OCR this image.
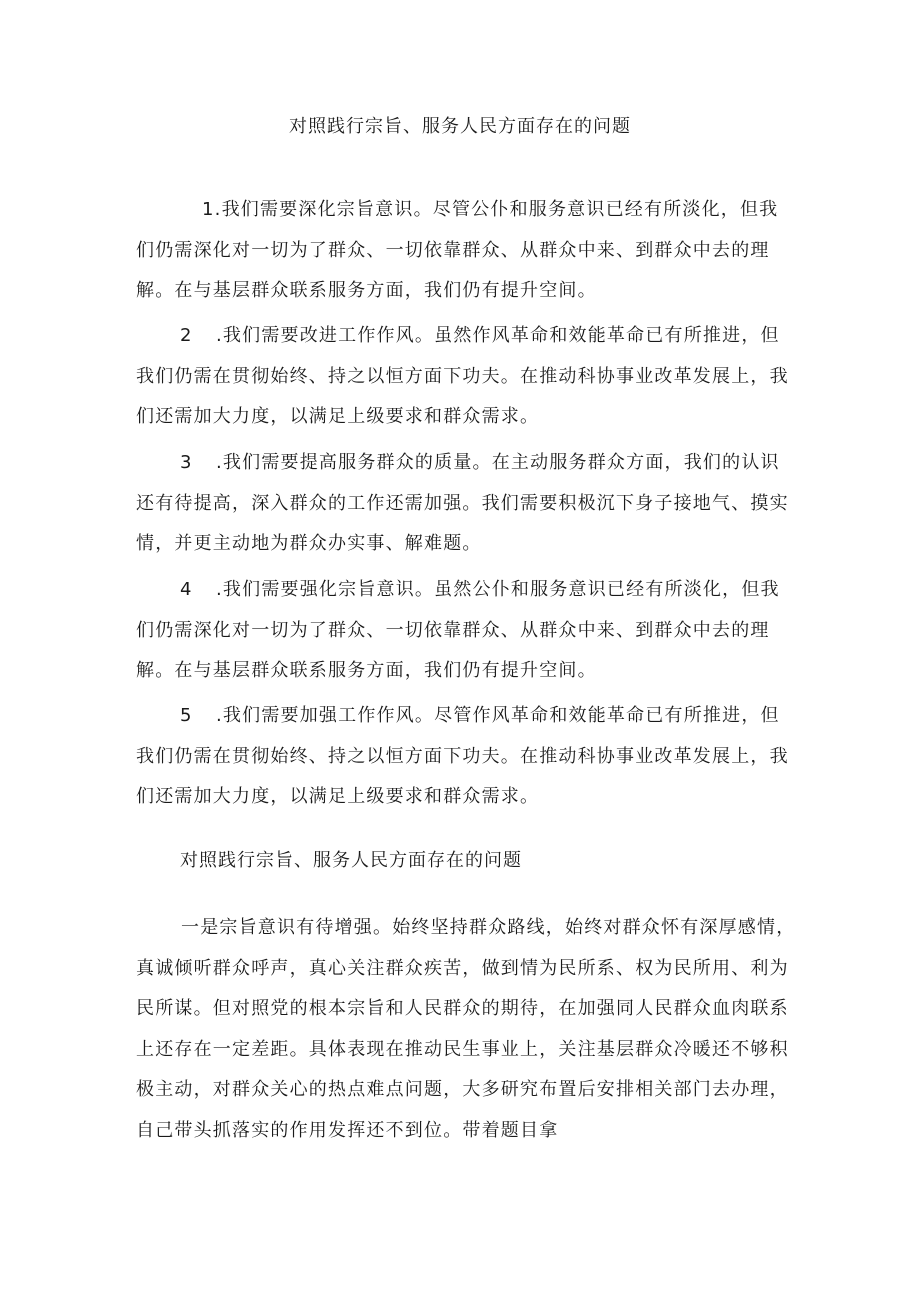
对照践行宗旨、服务人民方面存在的问题

1.我们需要深化宗旨意识。尽管公仆和服务意识已经有所淡化，但我们仍需深化对一切为了群众、一切依靠群众、从群众中来、到群众中去的理解。在与基层群众联系服务方面，我们仍有提升空间。

2 .我们需要改进工作作风。虽然作风革命和效能革命已有所推进，但我们仍需在贯彻始终、持之以恒方面下功夫。在推动科协事业改革发展上，我们还需加大力度，以满足上级要求和群众需求。

3 .我们需要提高服务群众的质量。在主动服务群众方面，我们的认识还有待提高，深入群众的工作还需加强。我们需要积极沉下身子接地气、摸实情，并更主动地为群众办实事、解难题。

4 .我们需要强化宗旨意识。虽然公仆和服务意识已经有所淡化，但我们仍需深化对一切为了群众、一切依靠群众、从群众中来、到群众中去的理解。在与基层群众联系服务方面，我们仍有提升空间。

5 .我们需要加强工作作风。尽管作风革命和效能革命已有所推进，但我们仍需在贯彻始终、持之以恒方面下功夫。在推动科协事业改革发展上，我们还需加大力度，以满足上级要求和群众需求。

对照践行宗旨、服务人民方面存在的问题

一是宗旨意识有待增强。始终坚持群众路线，始终对群众怀有深厚感情，真诚倾听群众呼声，真心关注群众疾苦，做到情为民所系、权为民所用、利为民所谋。但对照党的根本宗旨和人民群众的期待，在加强同人民群众血肉联系上还存在一定差距。具体表现在推动民生事业上，关注基层群众冷暖还不够积极主动，对群众关心的热点难点问题，大多研究布置后安排相关部门去办理，自己带头抓落实的作用发挥还不到位。带着题目拿
